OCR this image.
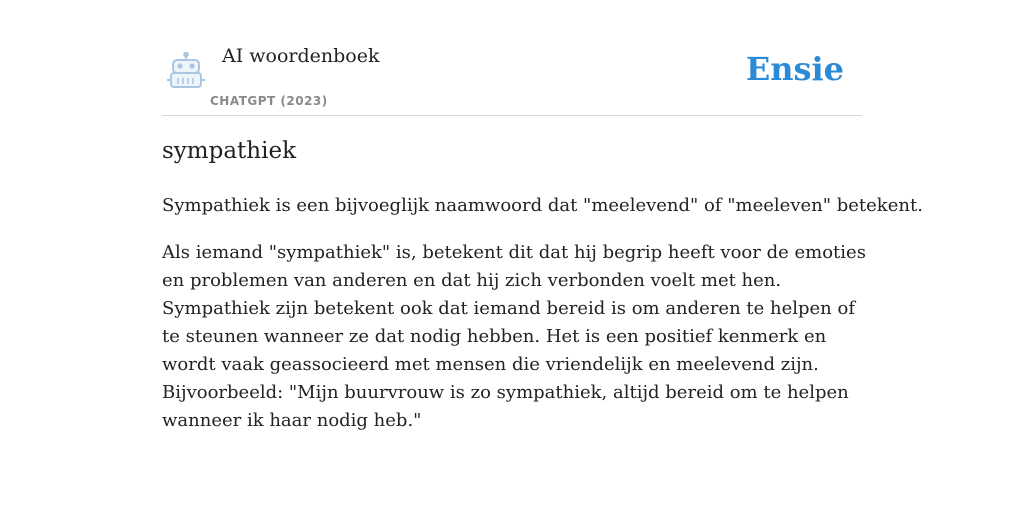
AI woordenboek
CHATGPT (2023)
Ensie
sympathiek

Sympathiek is een bijvoeglijk naamwoord dat "meelevend" of "meeleven" betekent.

Als iemand "sympathiek" is, betekent dit dat hij begrip heeft voor de emoties en problemen van anderen en dat hij zich verbonden voelt met hen. Sympathiek zijn betekent ook dat iemand bereid is om anderen te helpen of te steunen wanneer ze dat nodig hebben. Het is een positief kenmerk en wordt vaak geassocieerd met mensen die vriendelijk en meelevend zijn. Bijvoorbeeld: "Mijn buurvrouw is zo sympathiek, altijd bereid om te helpen wanneer ik haar nodig heb."
